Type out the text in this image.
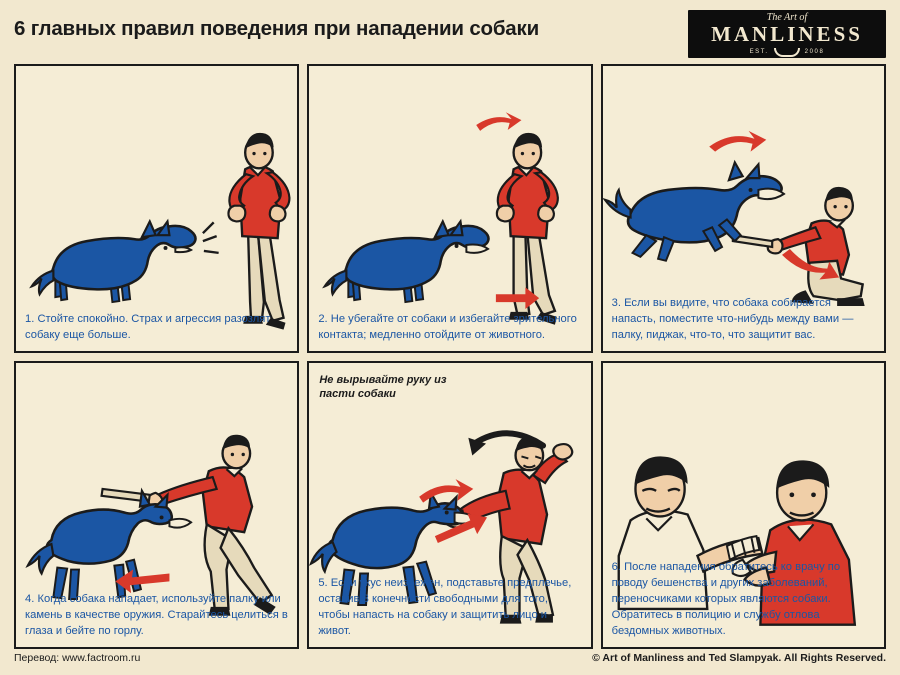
6 главных правил поведения при нападении собаки	The Art of
MANLINESS
EST.	2008
1. Стойте спокойно. Страх и агрессия разозлят собаку еще больше.
2. Не убегайте от собаки и избегайте зрительного контакта; медленно отойдите от животного.
3. Если вы видите, что собака собирается напасть, поместите что-нибудь между вами — палку, пиджак, что-то, что защитит вас.
4. Когда собака нападает, используйте палку или камень в качестве оружия. Старайтесь целиться в глаза и бейте по горлу.
Не вырывайте руку из пасти собаки
5. Если укус неизбежен, подставьте предплечье, оставив 3 конечности свободными для того, чтобы напасть на собаку и защитить лицо и живот.
6. После нападения обратитесь ко врачу по поводу бешенства и других заболеваний, переносчиками которых являются собаки. Обратитесь в полицию и службу отлова бездомных животных.
Перевод: www.factroom.ru	© Art of Manliness and Ted Slampyak. All Rights Reserved.
